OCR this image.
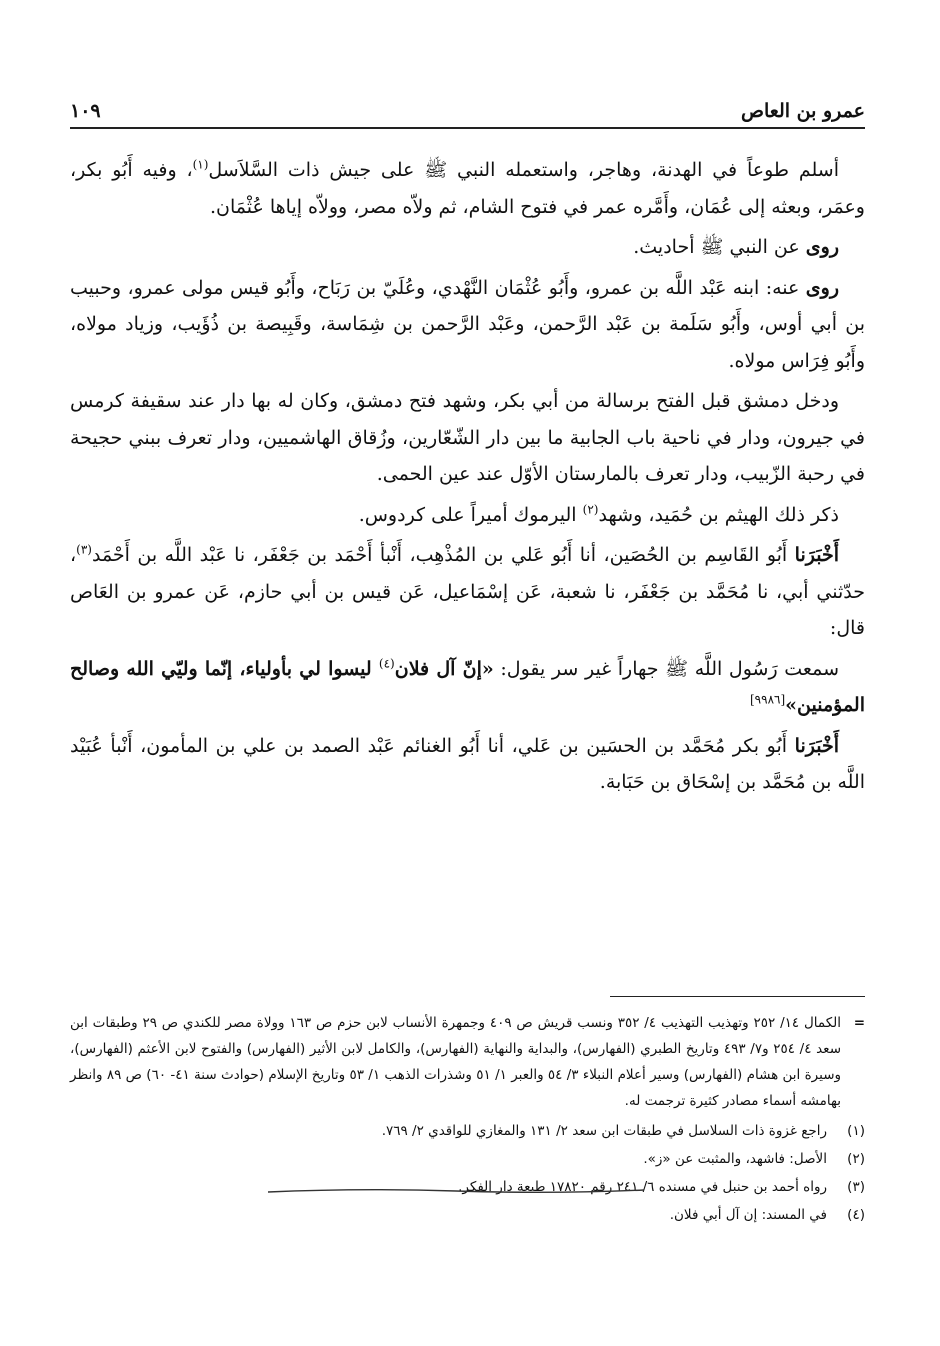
عمرو بن العاص
١٠٩

أسلم طوعاً في الهدنة، وهاجر، واستعمله النبي ﷺ على جيش ذات السَّلاَسل$^{(١)}$، وفيه أَبُو بكر، وعمَر، وبعثه إلى عُمَان، وأَمَّره عمر في فتوح الشام، ثم ولاّه مصر، وولاّه إياها عُثْمَان.

روى عن النبي ﷺ أحاديث.

روى عنه: ابنه عَبْد اللَّه بن عمرو، وأَبُو عُثْمَان النَّهْدي، وعُلَيّ بن رَبَاح، وأَبُو قيس مولى عمرو، وحبيب بن أبي أوس، وأَبُو سَلَمة بن عَبْد الرَّحمن، وعَبْد الرَّحمن بن شِمَاسة، وقَبِيصة بن ذُؤَيب، وزياد مولاه، وأَبُو فِرَاس مولاه.

ودخل دمشق قبل الفتح برسالة من أبي بكر، وشهد فتح دمشق، وكان له بها دار عند سقيفة كرمس في جيرون، ودار في ناحية باب الجابية ما بين دار الشّعّارين، وزُقاق الهاشميين، ودار تعرف ببني حجيحة في رحبة الزّبيب، ودار تعرف بالمارستان الأوّل عند عين الحمى.

ذكر ذلك الهيثم بن حُمَيد، وشهد$^{(٢)}$ اليرموك أميراً على كردوس.

أَخْبَرَنا أَبُو القَاسِم بن الحُصَين، أنا أَبُو عَلي بن المُذْهِب، أَنْبأ أَحْمَد بن جَعْفَر، نا عَبْد اللَّه بن أَحْمَد$^{(٣)}$، حدّثني أبي، نا مُحَمَّد بن جَعْفَر، نا شعبة، عَن إسْمَاعيل، عَن قيس بن أبي حازم، عَن عمرو بن العَاص قال:

سمعت رَسُول اللَّه ﷺ جهاراً غير سر يقول: «إنّ آل فلان$^{(٤)}$ ليسوا لي بأولياء، إنّما وليّي الله وصالح المؤمنين»[٩٩٨٦]

أَخْبَرَنا أَبُو بكر مُحَمَّد بن الحسَين بن عَلي، أنا أَبُو الغنائم عَبْد الصمد بن علي بن المأمون، أَنْبأ عُبَيْد اللَّه بن مُحَمَّد بن إسْحَاق بن حَبَابة.

=
الكمال ١٤/ ٢٥٢ وتهذيب التهذيب ٤/ ٣٥٢ ونسب قريش ص ٤٠٩ وجمهرة الأنساب لابن حزم ص ١٦٣ وولاة مصر للكندي ص ٢٩ وطبقات ابن سعد ٤/ ٢٥٤ و٧/ ٤٩٣ وتاريخ الطبري (الفهارس)، والبداية والنهاية (الفهارس)، والكامل لابن الأثير (الفهارس) والفتوح لابن الأعثم (الفهارس)، وسيرة ابن هشام (الفهارس) وسير أعلام النبلاء ٣/ ٥٤ والعبر ١/ ٥١ وشذرات الذهب ١/ ٥٣ وتاريخ الإسلام (حوادث سنة ٤١- ٦٠) ص ٨٩ وانظر بهامشه أسماء مصادر كثيرة ترجمت له.
(١)
راجع غزوة ذات السلاسل في طبقات ابن سعد ٢/ ١٣١ والمغازي للواقدي ٢/ ٧٦٩.
(٢)
الأصل: فاشهد، والمثبت عن «ز».
(٣)
رواه أحمد بن حنبل في مسنده ٦/ ٢٤١ رقم ١٧٨٢٠ طبعة دار الفكر.
(٤)
في المسند: إن آل أبي فلان.
